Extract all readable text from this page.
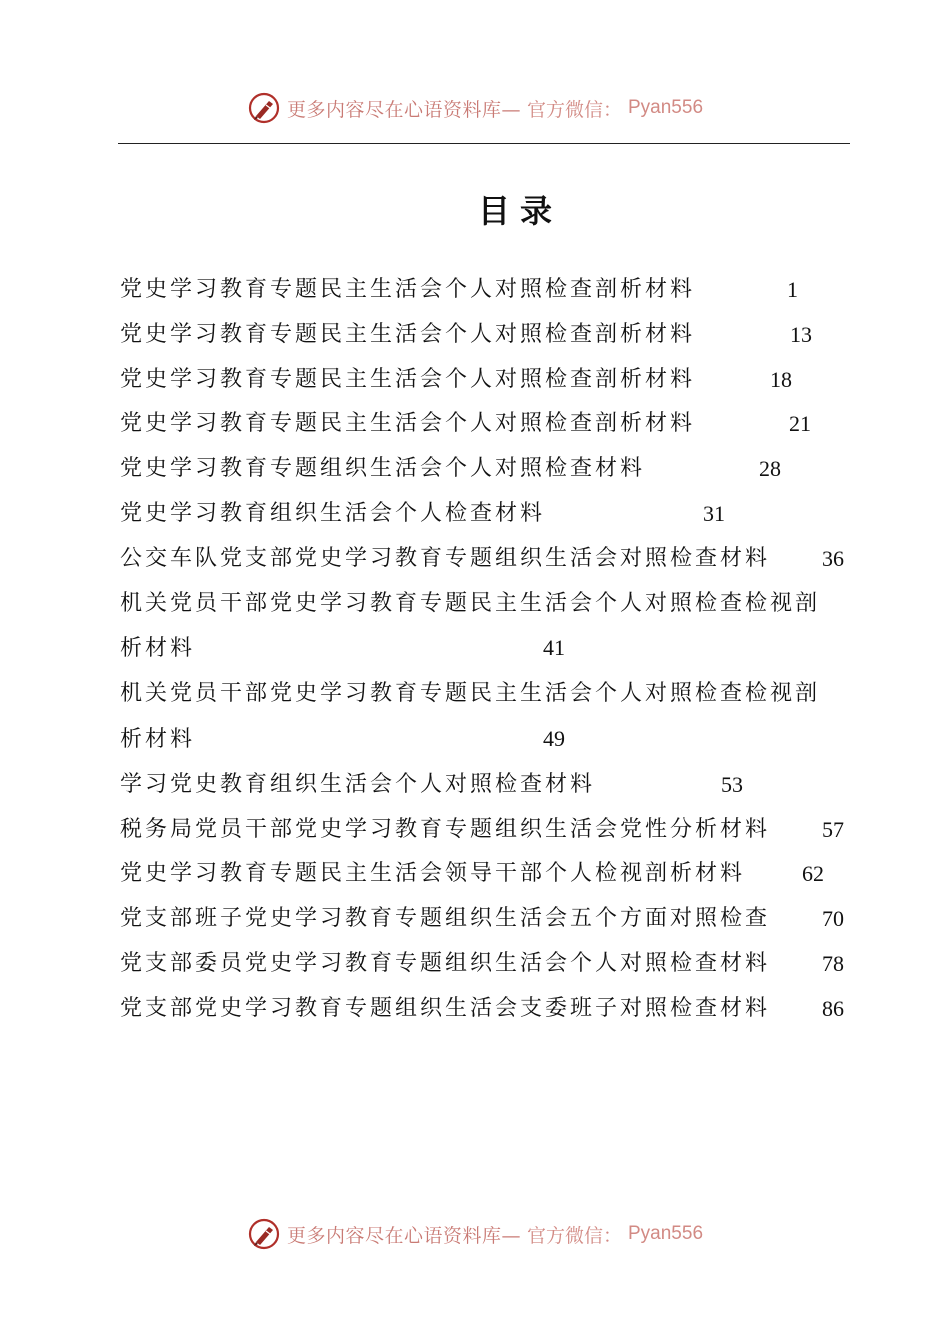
更多内容尽在心语资料库— 官方微信： Pyan556
目录
党史学习教育专题民主生活会个人对照检查剖析材料	1
党史学习教育专题民主生活会个人对照检查剖析材料	13
党史学习教育专题民主生活会个人对照检查剖析材料	18
党史学习教育专题民主生活会个人对照检查剖析材料	21
党史学习教育专题组织生活会个人对照检查材料	28
党史学习教育组织生活会个人检查材料	31
公交车队党支部党史学习教育专题组织生活会对照检查材料 36
机关党员干部党史学习教育专题民主生活会个人对照检查检视剖
析材料	41
机关党员干部党史学习教育专题民主生活会个人对照检查检视剖
析材料	49
学习党史教育组织生活会个人对照检查材料	53
税务局党员干部党史学习教育专题组织生活会党性分析材料 57
党史学习教育专题民主生活会领导干部个人检视剖析材料	62
党支部班子党史学习教育专题组织生活会五个方面对照检查 70
党支部委员党史学习教育专题组织生活会个人对照检查材料 78
党支部党史学习教育专题组织生活会支委班子对照检查材料 86
更多内容尽在心语资料库— 官方微信： Pyan556
